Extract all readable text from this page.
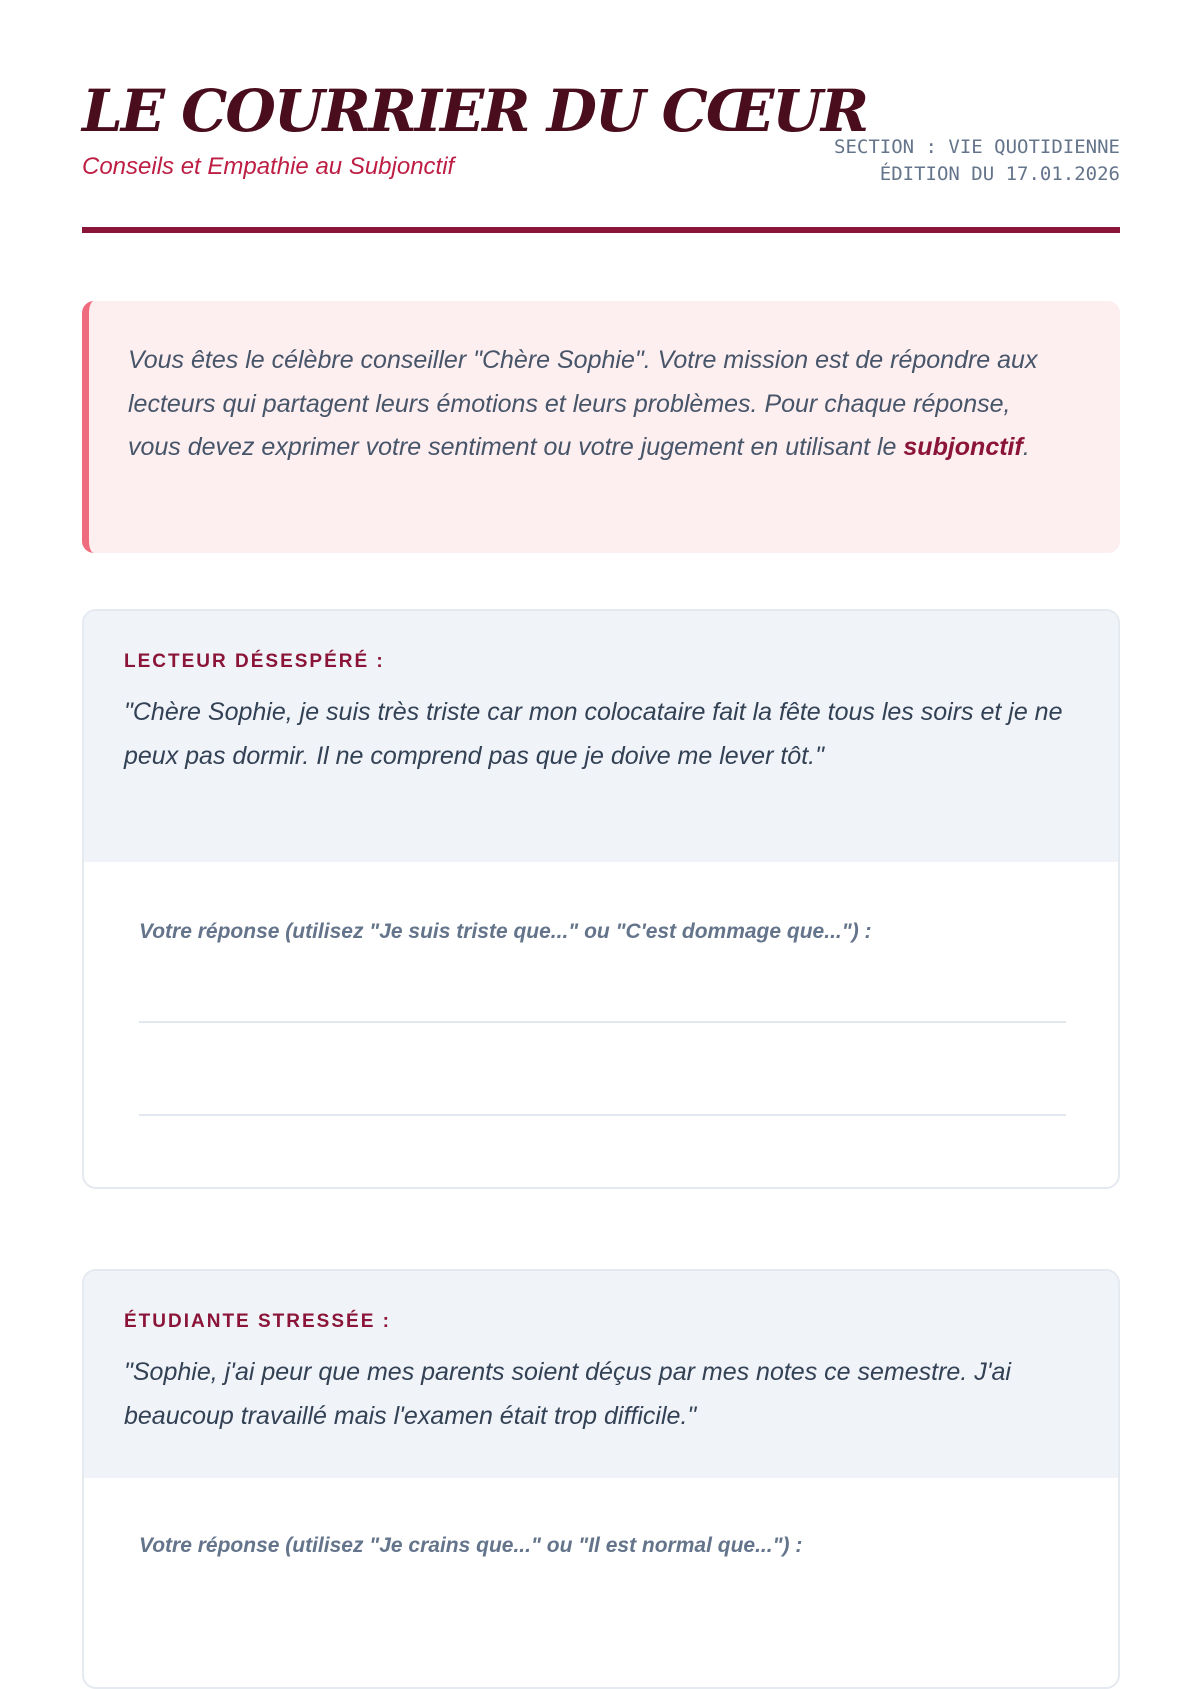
LE COURRIER DU CŒUR
Conseils et Empathie au Subjonctif
SECTION : VIE QUOTIDIENNE
ÉDITION DU 17.01.2026

Vous êtes le célèbre conseiller "Chère Sophie". Votre mission est de répondre aux lecteurs qui partagent leurs émotions et leurs problèmes. Pour chaque réponse, vous devez exprimer votre sentiment ou votre jugement en utilisant le subjonctif.

LECTEUR DÉSESPÉRÉ :
"Chère Sophie, je suis très triste car mon colocataire fait la fête tous les soirs et je ne peux pas dormir. Il ne comprend pas que je doive me lever tôt."
Votre réponse (utilisez "Je suis triste que..." ou "C'est dommage que...") :
ÉTUDIANTE STRESSÉE :
"Sophie, j'ai peur que mes parents soient déçus par mes notes ce semestre. J'ai beaucoup travaillé mais l'examen était trop difficile."
Votre réponse (utilisez "Je crains que..." ou "Il est normal que...") :
